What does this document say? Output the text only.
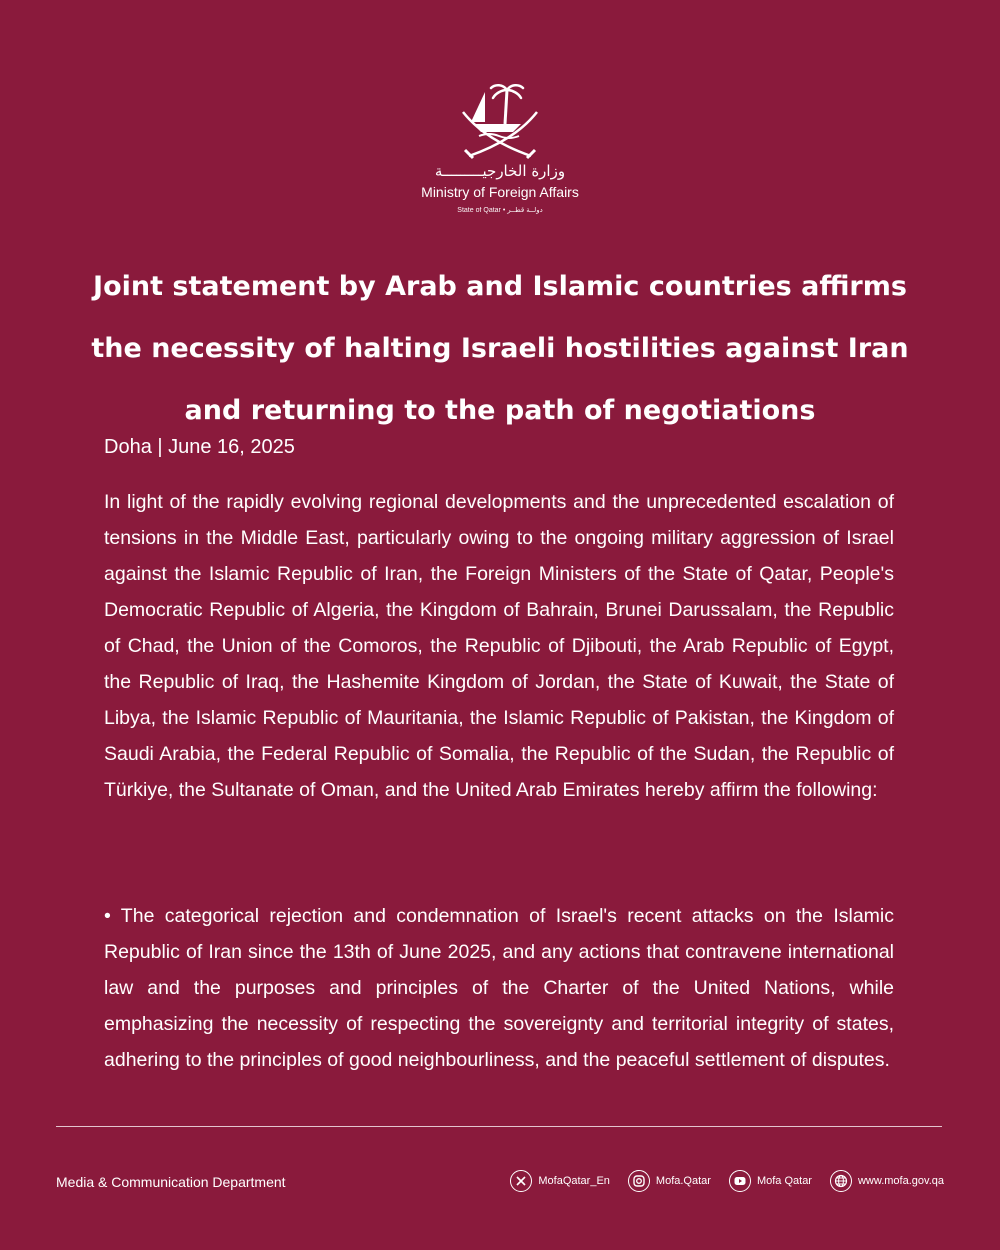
وزارة الخارجيـــــــــة
Ministry of Foreign Affairs
State of Qatar • دولــة قطــر
Joint statement by Arab and Islamic countries affirms
the necessity of halting Israeli hostilities against Iran
and returning to the path of negotiations
Doha | June 16, 2025

In light of the rapidly evolving regional developments and the unprecedented escalation of tensions in the Middle East, particularly owing to the ongoing military aggression of Israel against the Islamic Republic of Iran, the Foreign Ministers of the State of Qatar, People's Democratic Republic of Algeria, the Kingdom of Bahrain, Brunei Darussalam, the Republic of Chad, the Union of the Comoros, the Republic of Djibouti, the Arab Republic of Egypt, the Republic of Iraq, the Hashemite Kingdom of Jordan, the State of Kuwait, the State of Libya, the Islamic Republic of Mauritania, the Islamic Republic of Pakistan, the Kingdom of Saudi Arabia, the Federal Republic of Somalia, the Republic of the Sudan, the Republic of Türkiye, the Sultanate of Oman, and the United Arab Emirates hereby affirm the following:

• The categorical rejection and condemnation of Israel's recent attacks on the Islamic Republic of Iran since the 13th of June 2025, and any actions that contravene international law and the purposes and principles of the Charter of the United Nations, while emphasizing the necessity of respecting the sovereignty and territorial integrity of states, adhering to the principles of good neighbourliness, and the peaceful settlement of disputes.

Media & Communication Department	MofaQatar_En	Mofa.Qatar	Mofa Qatar	www.mofa.gov.qa
